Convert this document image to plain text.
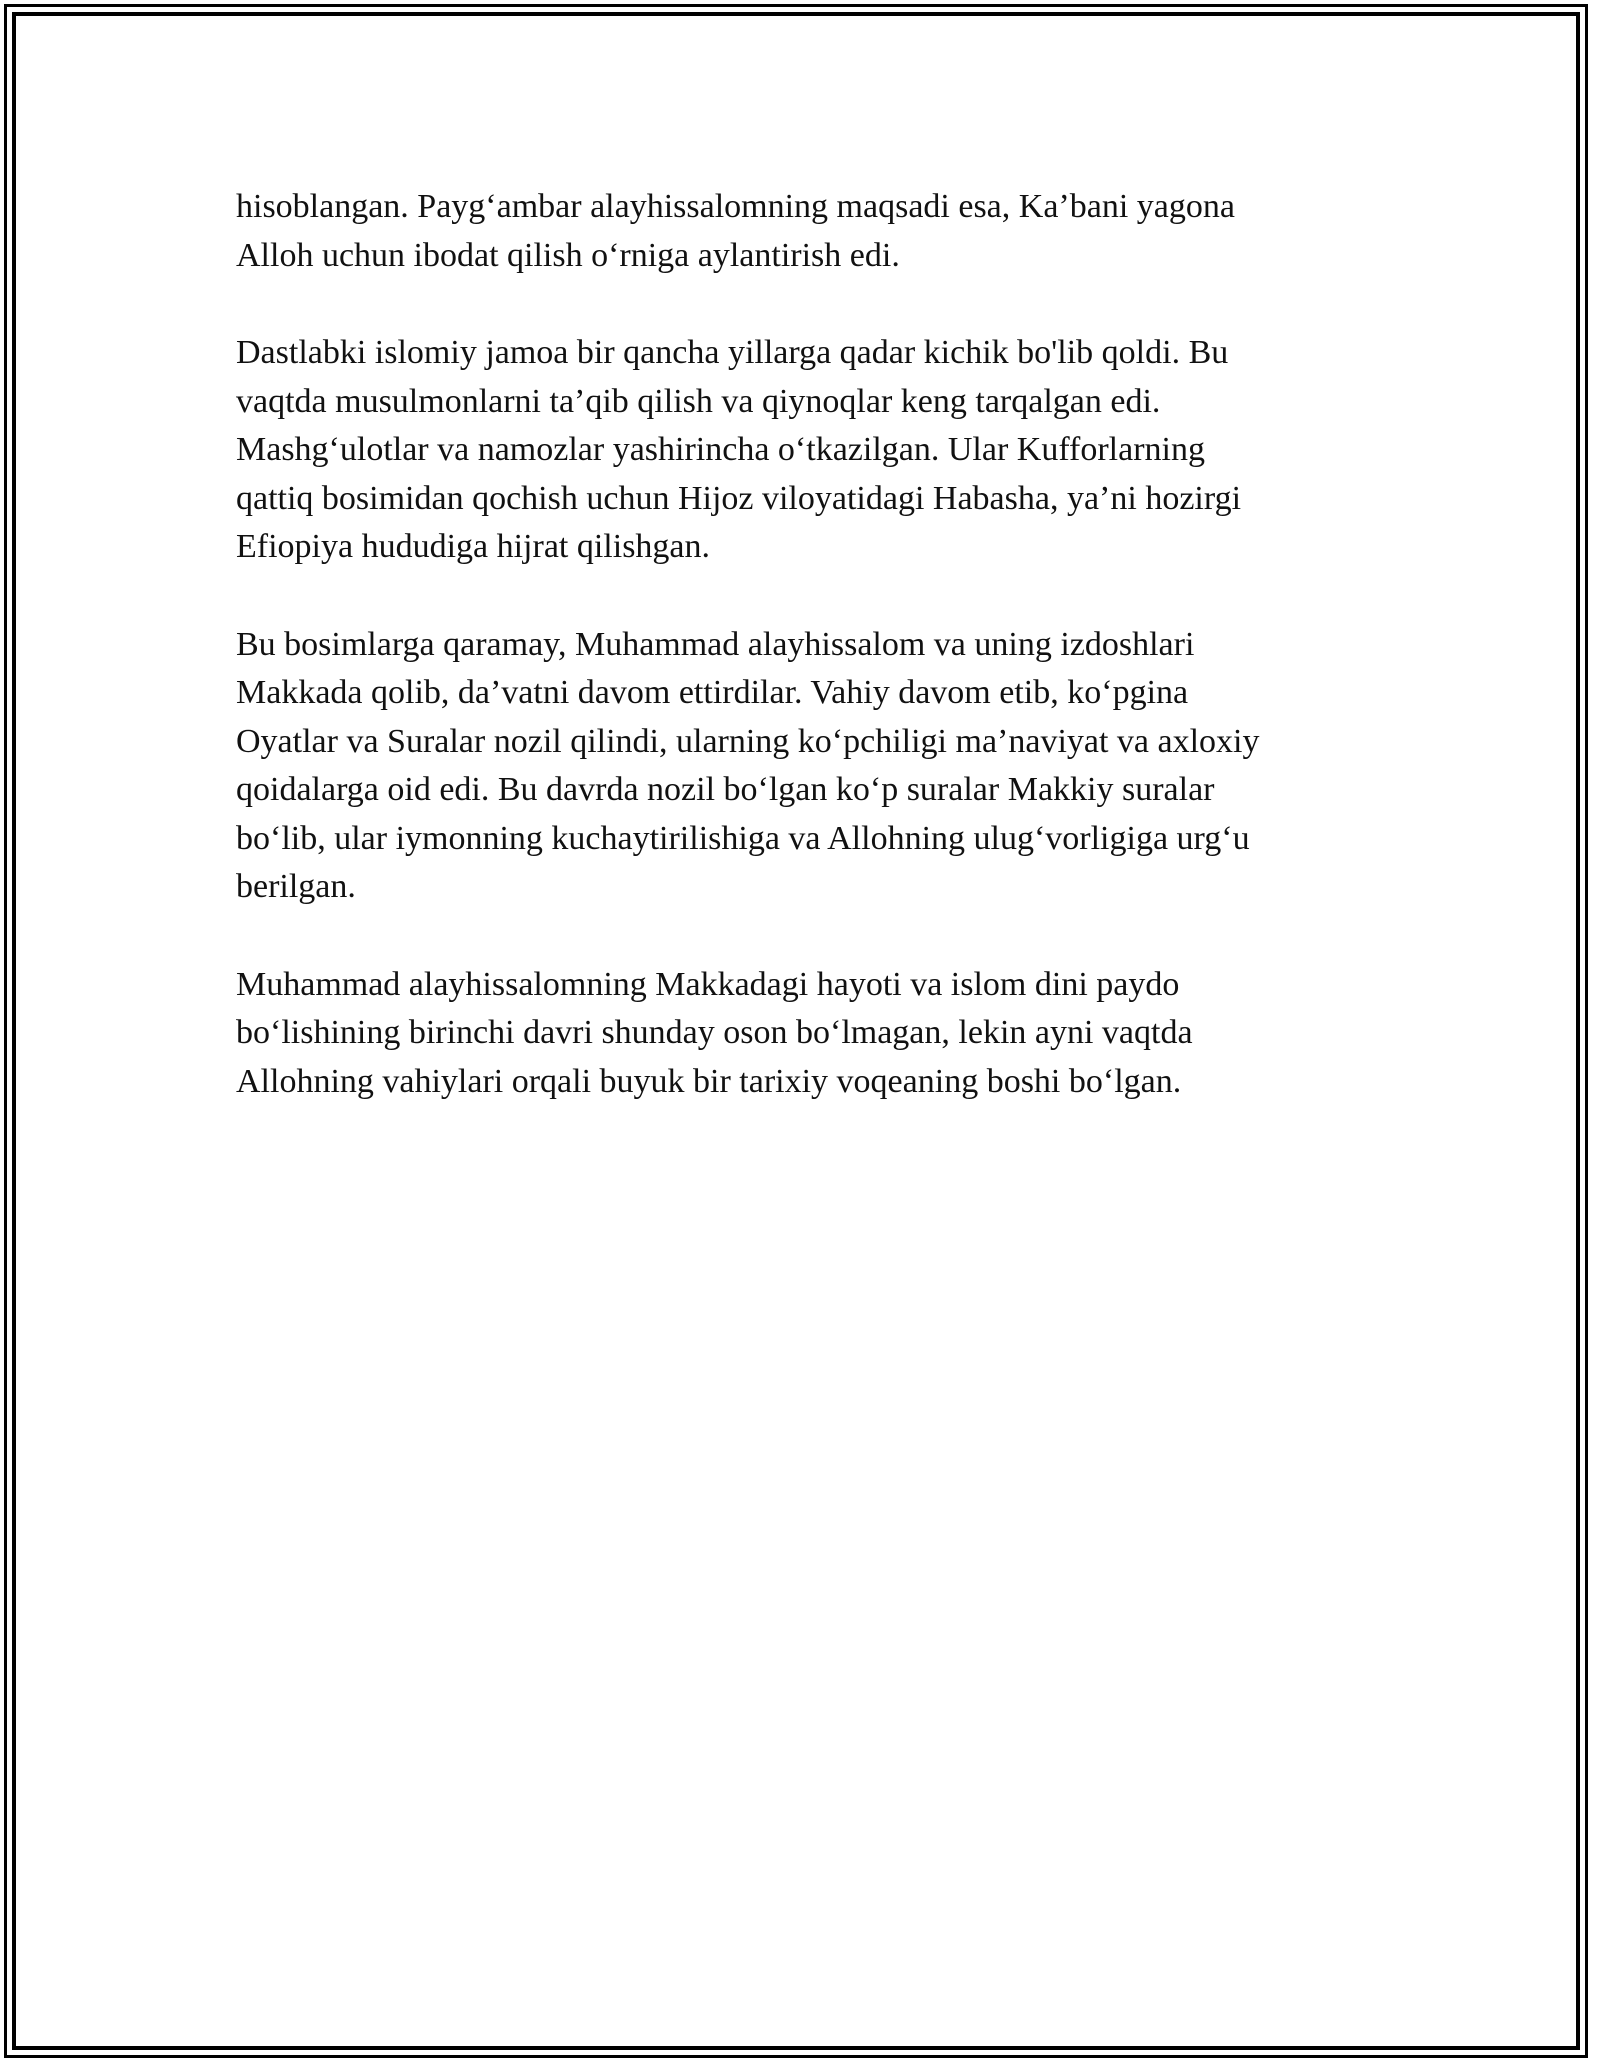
hisoblangan. Payg‘ambar alayhissalomning maqsadi esa, Ka’bani yagona
Alloh uchun ibodat qilish o‘rniga aylantirish edi.

Dastlabki islomiy jamoa bir qancha yillarga qadar kichik bo'lib qoldi. Bu
vaqtda musulmonlarni ta’qib qilish va qiynoqlar keng tarqalgan edi.
Mashg‘ulotlar va namozlar yashirincha o‘tkazilgan. Ular Kufforlarning
qattiq bosimidan qochish uchun Hijoz viloyatidagi Habasha, ya’ni hozirgi
Efiopiya hududiga hijrat qilishgan.

Bu bosimlarga qaramay, Muhammad alayhissalom va uning izdoshlari
Makkada qolib, da’vatni davom ettirdilar. Vahiy davom etib, ko‘pgina
Oyatlar va Suralar nozil qilindi, ularning ko‘pchiligi ma’naviyat va axloxiy
qoidalarga oid edi. Bu davrda nozil bo‘lgan ko‘p suralar Makkiy suralar
bo‘lib, ular iymonning kuchaytirilishiga va Allohning ulug‘vorligiga urg‘u
berilgan.

Muhammad alayhissalomning Makkadagi hayoti va islom dini paydo
bo‘lishining birinchi davri shunday oson bo‘lmagan, lekin ayni vaqtda
Allohning vahiylari orqali buyuk bir tarixiy voqeaning boshi bo‘lgan.
